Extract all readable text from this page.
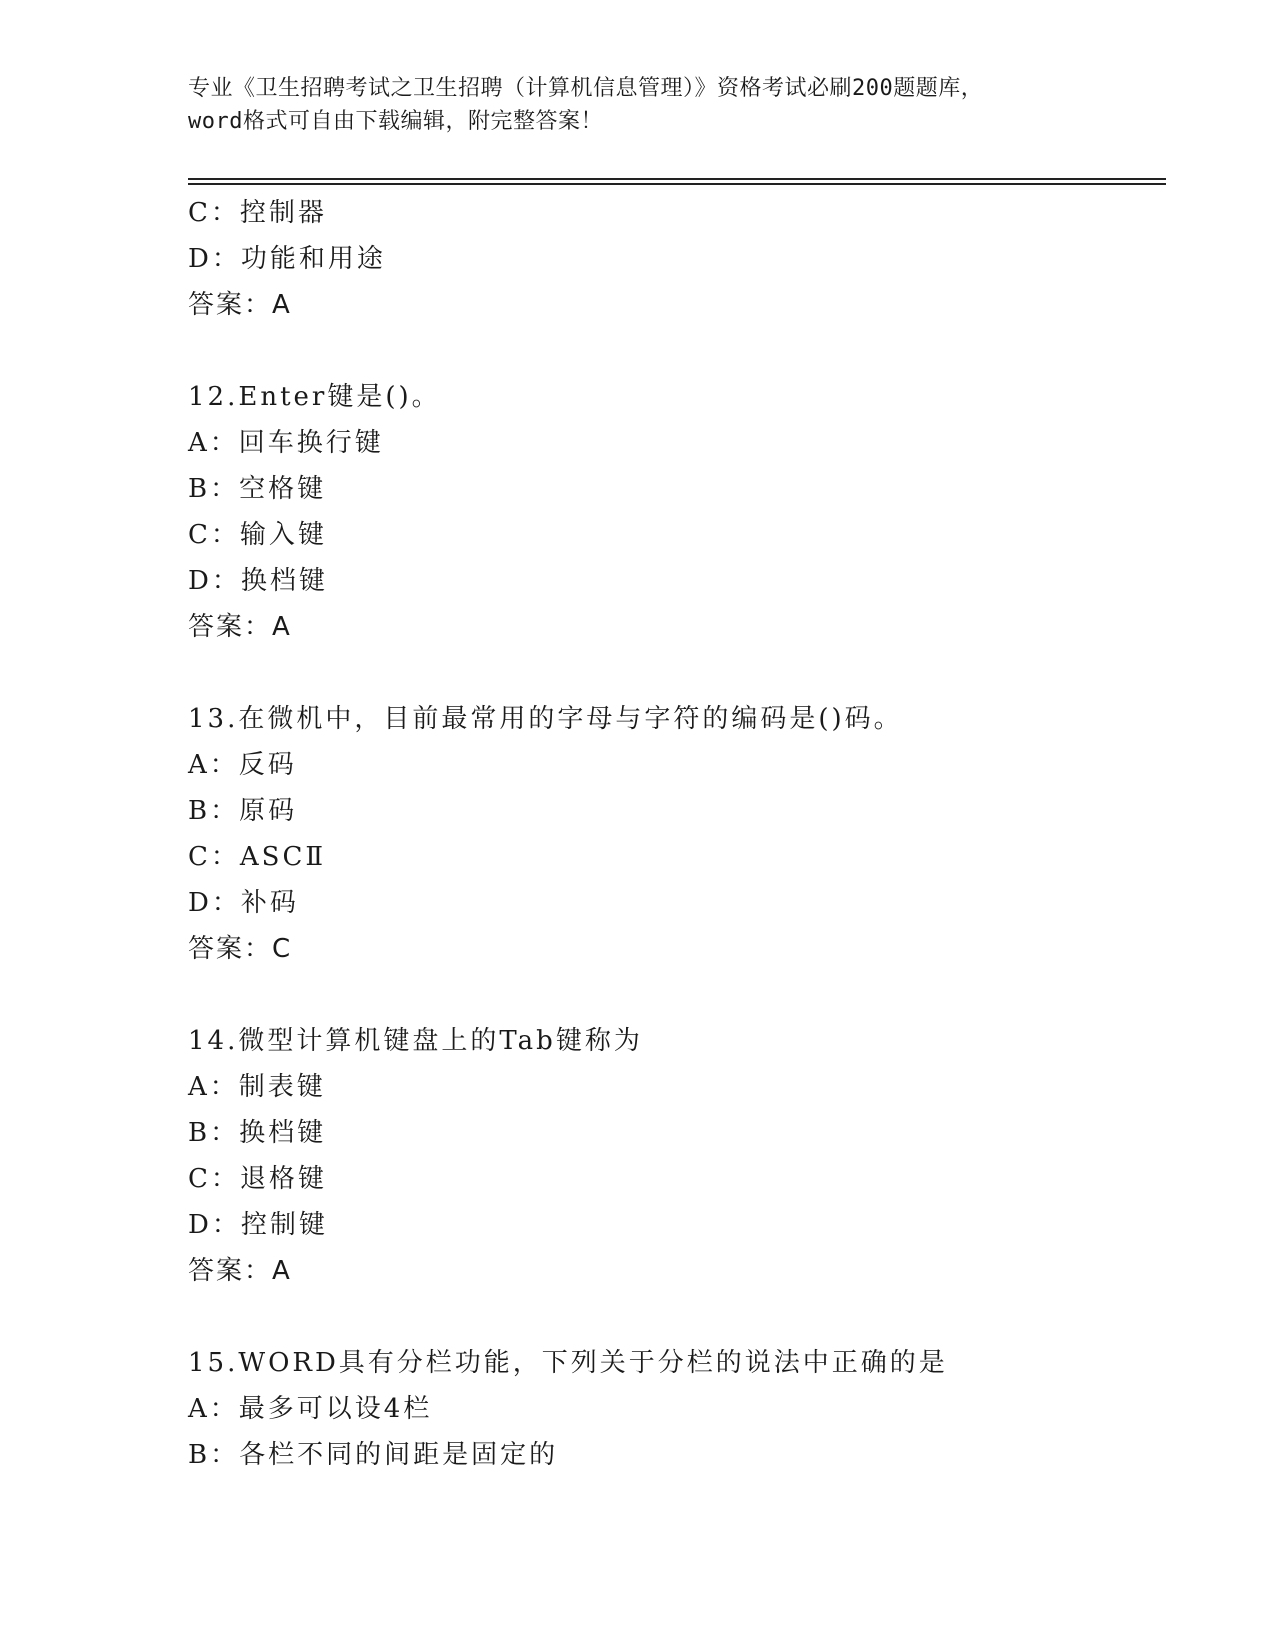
专业《卫生招聘考试之卫生招聘（计算机信息管理）》资格考试必刷200题题库，
word格式可自由下载编辑，附完整答案！
C：控制器
D：功能和用途
答案：A
12.Enter键是()。
A：回车换行键
B：空格键
C：输入键
D：换档键
答案：A
13.在微机中，目前最常用的字母与字符的编码是()码。
A：反码
B：原码
C：ASCⅡ
D：补码
答案：C
14.微型计算机键盘上的Tab键称为
A：制表键
B：换档键
C：退格键
D：控制键
答案：A
15.WORD具有分栏功能，下列关于分栏的说法中正确的是
A：最多可以设4栏
B：各栏不同的间距是固定的
